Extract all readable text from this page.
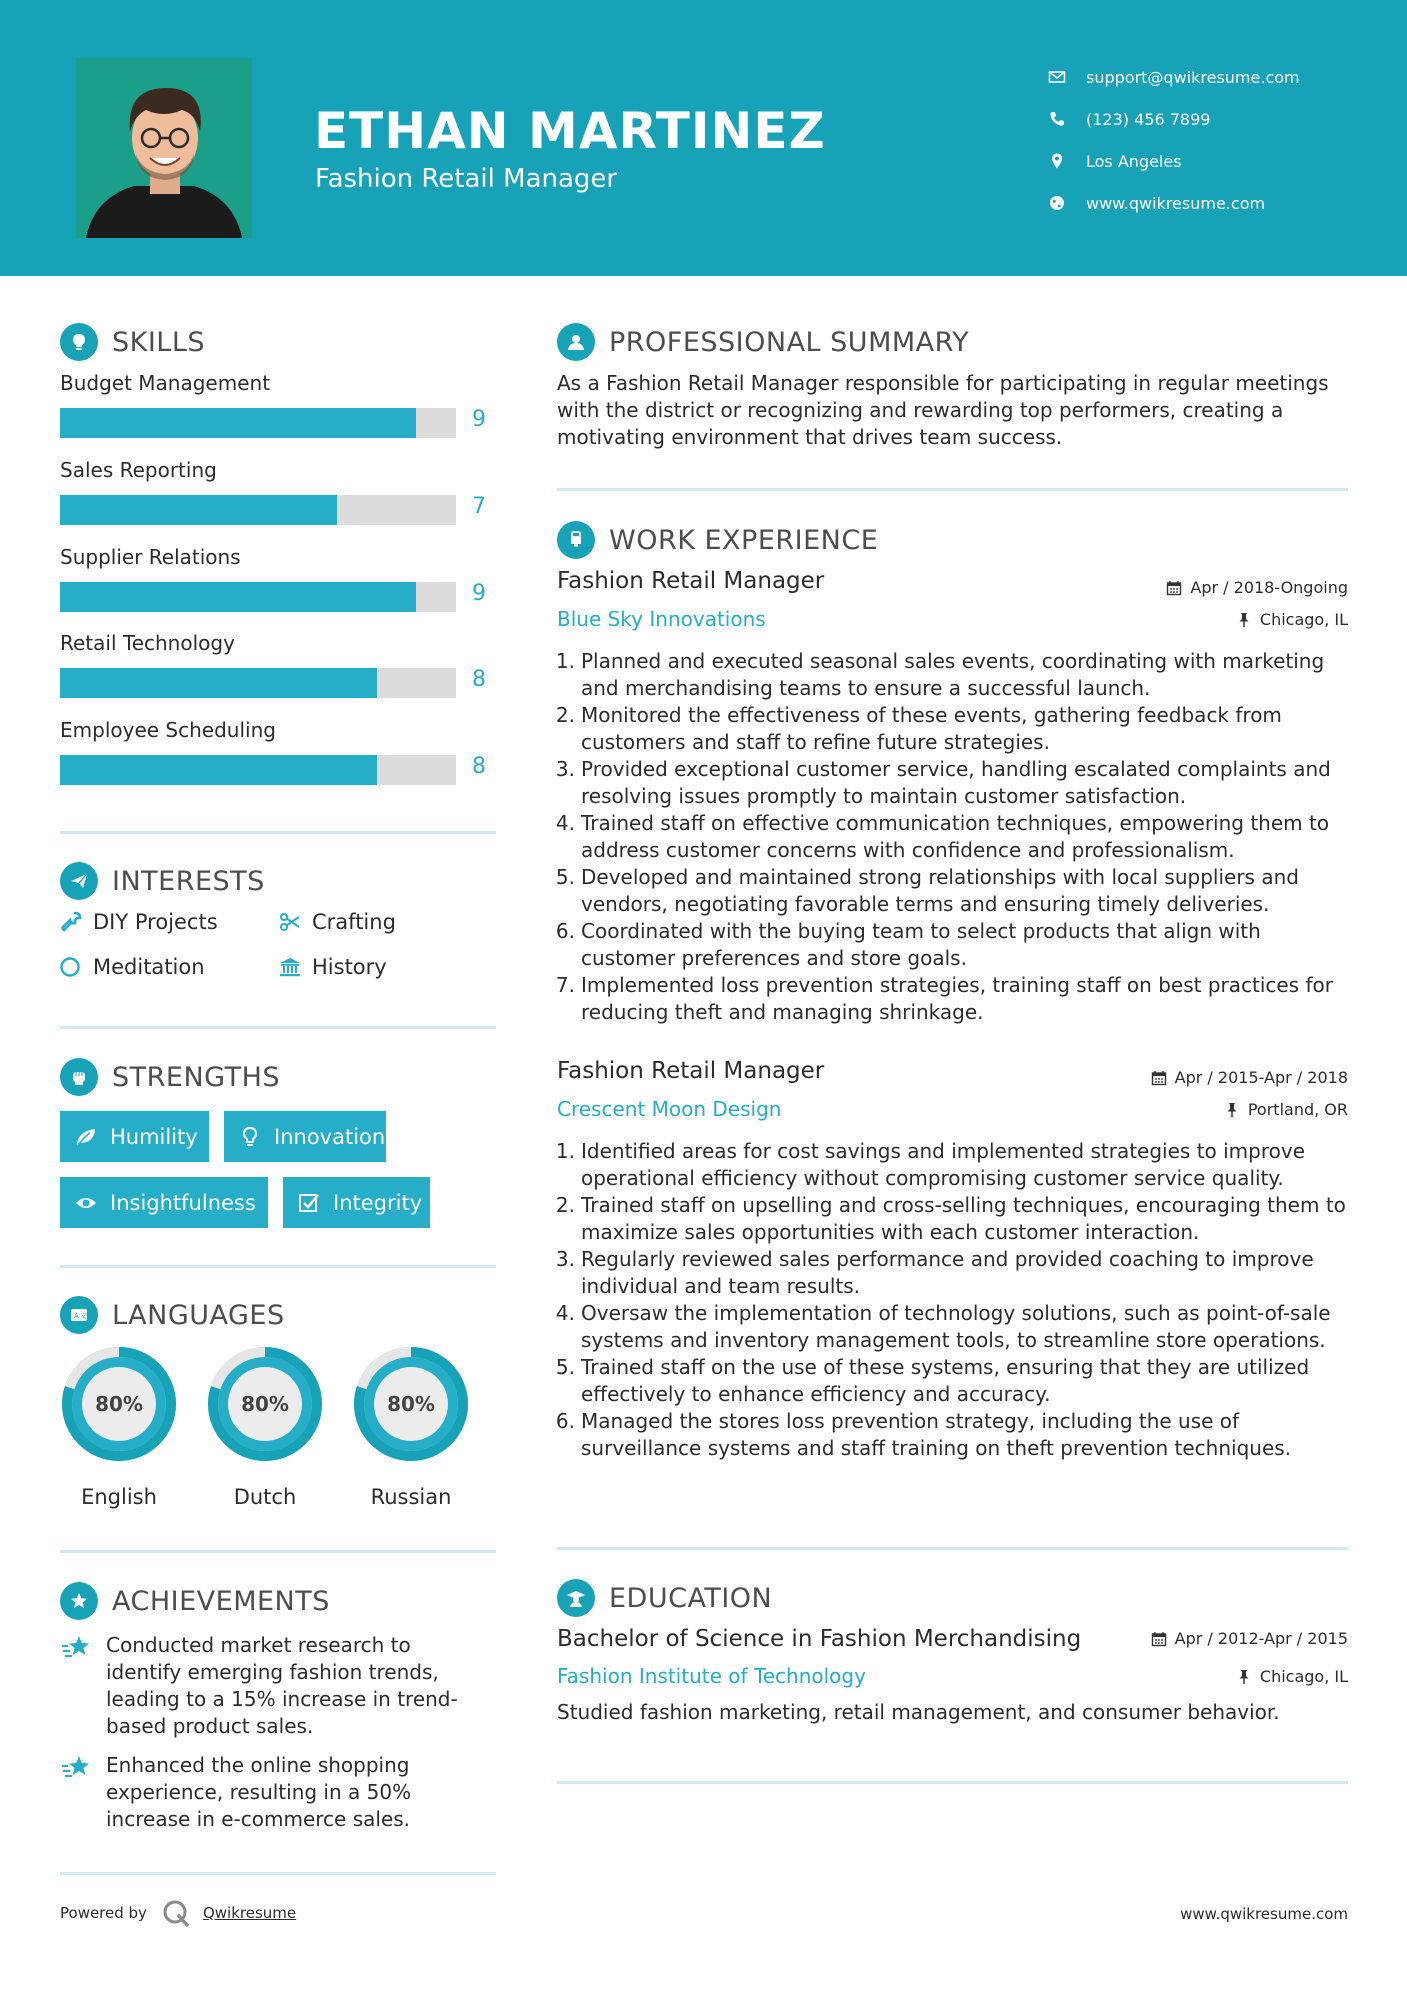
ETHAN MARTINEZ
Fashion Retail Manager
support@qwikresume.com
(123) 456 7899
Los Angeles
www.qwikresume.com
SKILLS
Budget Management
9
Sales Reporting
7
Supplier Relations
9
Retail Technology
8
Employee Scheduling
8
INTERESTS
DIY Projects	Crafting
Meditation	History
STRENGTHS
Humility	Innovation
Insightfulness	Integrity
A 文 LANGUAGES
80%
English
80%
Dutch
80%
Russian
ACHIEVEMENTS
Conducted market research to identify emerging fashion trends, leading to a 15% increase in trend-based product sales.
Enhanced the online shopping experience, resulting in a 50% increase in e-commerce sales.
PROFESSIONAL SUMMARY
As a Fashion Retail Manager responsible for participating in regular meetings with the district or recognizing and rewarding top performers, creating a motivating environment that drives team success.
WORK EXPERIENCE
Fashion Retail Manager	Apr / 2018-Ongoing
Blue Sky Innovations	Chicago, IL
1. Planned and executed seasonal sales events, coordinating with marketing and merchandising teams to ensure a successful launch.
2. Monitored the effectiveness of these events, gathering feedback from customers and staff to refine future strategies.
3. Provided exceptional customer service, handling escalated complaints and resolving issues promptly to maintain customer satisfaction.
4. Trained staff on effective communication techniques, empowering them to address customer concerns with confidence and professionalism.
5. Developed and maintained strong relationships with local suppliers and vendors, negotiating favorable terms and ensuring timely deliveries.
6. Coordinated with the buying team to select products that align with customer preferences and store goals.
7. Implemented loss prevention strategies, training staff on best practices for reducing theft and managing shrinkage.
Fashion Retail Manager	Apr / 2015-Apr / 2018
Crescent Moon Design	Portland, OR
1. Identified areas for cost savings and implemented strategies to improve operational efficiency without compromising customer service quality.
2. Trained staff on upselling and cross-selling techniques, encouraging them to maximize sales opportunities with each customer interaction.
3. Regularly reviewed sales performance and provided coaching to improve individual and team results.
4. Oversaw the implementation of technology solutions, such as point-of-sale systems and inventory management tools, to streamline store operations.
5. Trained staff on the use of these systems, ensuring that they are utilized effectively to enhance efficiency and accuracy.
6. Managed the stores loss prevention strategy, including the use of surveillance systems and staff training on theft prevention techniques.
EDUCATION
Bachelor of Science in Fashion Merchandising	Apr / 2012-Apr / 2015
Fashion Institute of Technology	Chicago, IL
Studied fashion marketing, retail management, and consumer behavior.
Powered by	Qwikresume	www.qwikresume.com
